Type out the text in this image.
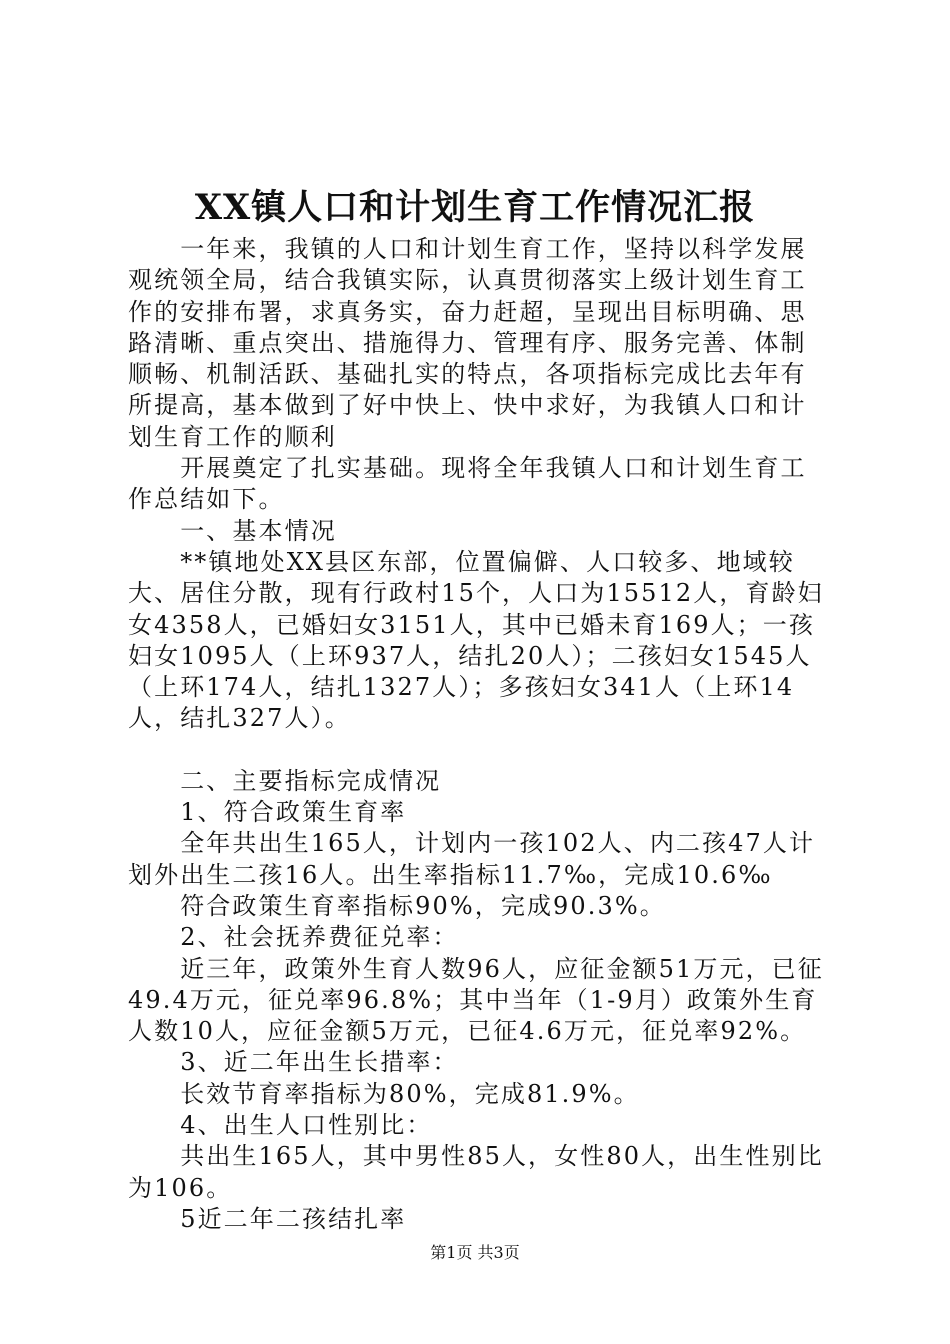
XX镇人口和计划生育工作情况汇报

　　一年来，我镇的人口和计划生育工作，坚持以科学发展观统领全局，结合我镇实际，认真贯彻落实上级计划生育工作的安排布署，求真务实，奋力赶超，呈现出目标明确、思路清晰、重点突出、措施得力、管理有序、服务完善、体制顺畅、机制活跃、基础扎实的特点，各项指标完成比去年有所提高，基本做到了好中快上、快中求好，为我镇人口和计划生育工作的顺利

　　开展奠定了扎实基础。现将全年我镇人口和计划生育工作总结如下。

　　一、基本情况

　　**镇地处XX县区东部，位置偏僻、人口较多、地域较大、居住分散，现有行政村15个，人口为15512人，育龄妇女4358人，已婚妇女3151人，其中已婚未育169人；一孩妇女1095人（上环937人，结扎20人）；二孩妇女1545人（上环174人，结扎1327人）；多孩妇女341人（上环14人，结扎327人）。

　　二、主要指标完成情况

　　1、符合政策生育率

　　全年共出生165人，计划内一孩102人、内二孩47人计划外出生二孩16人。出生率指标11.7‰，完成10.6‰

　　符合政策生育率指标90%，完成90.3%。

　　2、社会抚养费征兑率：

　　近三年，政策外生育人数96人，应征金额51万元，已征49.4万元，征兑率96.8%；其中当年（1-9月）政策外生育人数10人，应征金额5万元，已征4.6万元，征兑率92%。

　　3、近二年出生长措率：

　　长效节育率指标为80%，完成81.9%。

　　4、出生人口性别比：

　　共出生165人，其中男性85人，女性80人，出生性别比为106。

　　5近二年二孩结扎率

第1页 共3页
